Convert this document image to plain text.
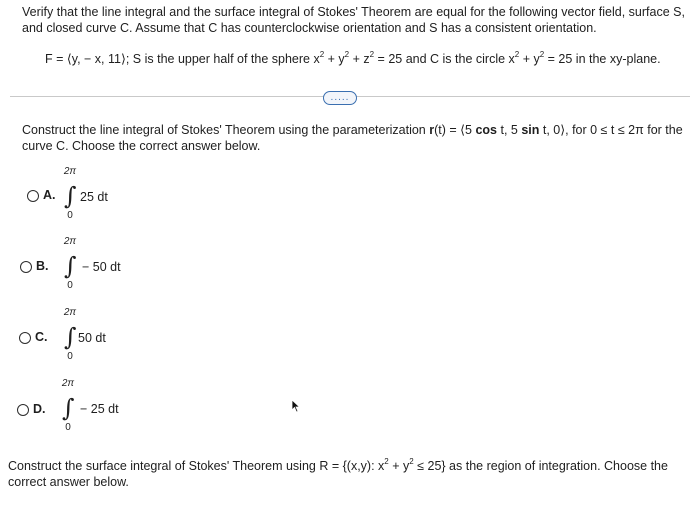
Verify that the line integral and the surface integral of Stokes' Theorem are equal for the following vector field, surface S,
and closed curve C. Assume that C has counterclockwise orientation and S has a consistent orientation.
F = ⟨y, − x, 11⟩; S is the upper half of the sphere $x^2 + y^2 + z^2 = 25$ and C is the circle $x^2 + y^2 = 25$ in the xy-plane.
.....
Construct the line integral of Stokes' Theorem using the parameterization r(t) = ⟨5 cos t, 5 sin t, 0⟩, for 0 ≤ t ≤ 2π for the
curve C. Choose the correct answer below.
A.
2π
∫
0
25 dt
B.
2π
∫
0
− 50 dt
C.
2π
∫
0
50 dt
D.
2π
∫
0
− 25 dt
Construct the surface integral of Stokes' Theorem using R = {(x,y): $x^2 + y^2 \le 25$} as the region of integration. Choose the
correct answer below.
